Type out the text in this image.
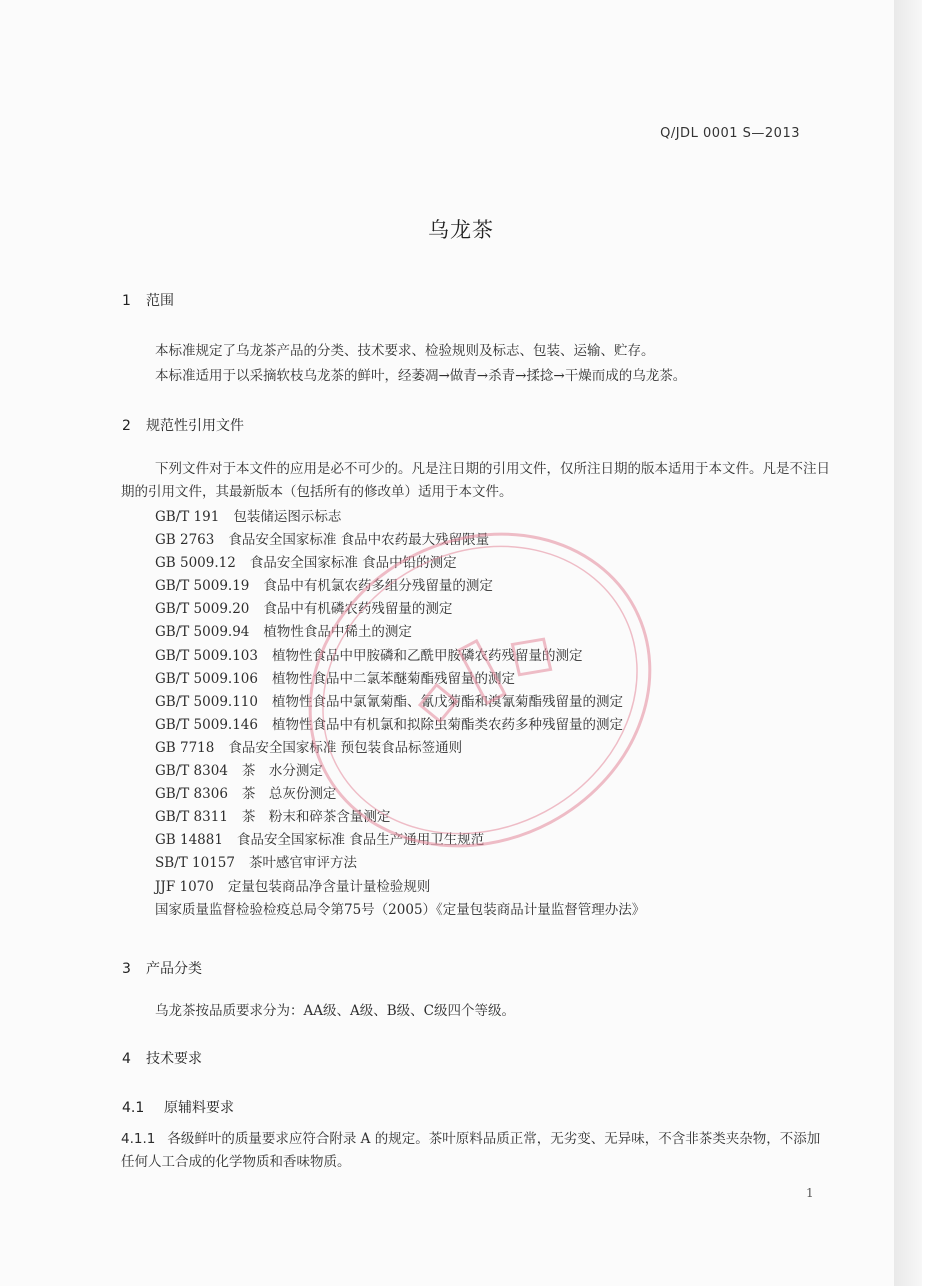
Q/JDL 0001 S—2013
乌龙茶
1 范围
本标准规定了乌龙茶产品的分类、技术要求、检验规则及标志、包装、运输、贮存。
本标准适用于以采摘软枝乌龙茶的鲜叶，经萎凋→做青→杀青→揉捻→干燥而成的乌龙茶。
2 规范性引用文件
下列文件对于本文件的应用是必不可少的。凡是注日期的引用文件，仅所注日期的版本适用于本文件。凡是不注日期的引用文件，其最新版本（包括所有的修改单）适用于本文件。
GB/T 191 包装储运图示标志
GB 2763 食品安全国家标准 食品中农药最大残留限量
GB 5009.12 食品安全国家标准 食品中铅的测定
GB/T 5009.19 食品中有机氯农药多组分残留量的测定
GB/T 5009.20 食品中有机磷农药残留量的测定
GB/T 5009.94 植物性食品中稀土的测定
GB/T 5009.103 植物性食品中甲胺磷和乙酰甲胺磷农药残留量的测定
GB/T 5009.106 植物性食品中二氯苯醚菊酯残留量的测定
GB/T 5009.110 植物性食品中氯氰菊酯、氰戊菊酯和溴氰菊酯残留量的测定
GB/T 5009.146 植物性食品中有机氯和拟除虫菊酯类农药多种残留量的测定
GB 7718 食品安全国家标准 预包装食品标签通则
GB/T 8304 茶　水分测定
GB/T 8306 茶　总灰份测定
GB/T 8311 茶　粉末和碎茶含量测定
GB 14881 食品安全国家标准 食品生产通用卫生规范
SB/T 10157 茶叶感官审评方法
JJF 1070 定量包装商品净含量计量检验规则
国家质量监督检验检疫总局令第75号（2005）《定量包装商品计量监督管理办法》
3 产品分类
乌龙茶按品质要求分为：AA级、A级、B级、C级四个等级。
4 技术要求
4.1 原辅料要求
4.1.1 各级鲜叶的质量要求应符合附录 A 的规定。茶叶原料品质正常，无劣变、无异味，不含非茶类夹杂物，不添加任何人工合成的化学物质和香味物质。
1
